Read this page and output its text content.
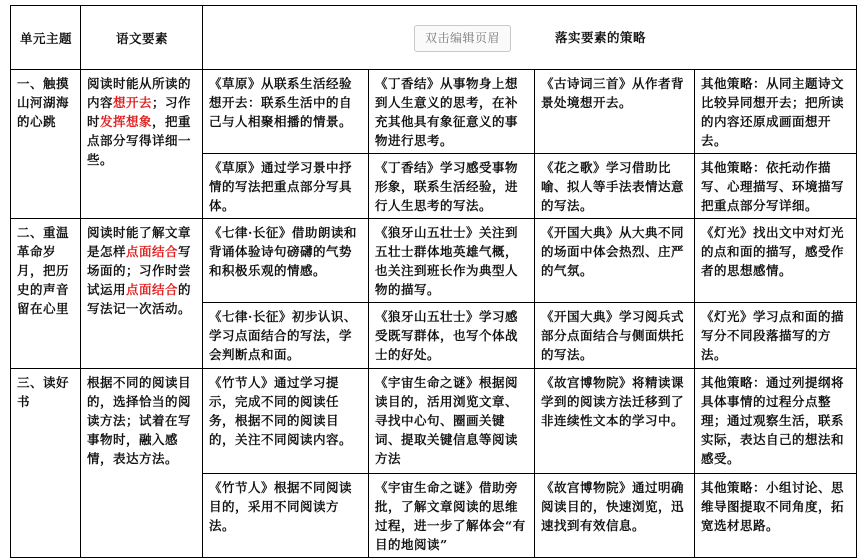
单元主题	语文要素	双击编辑页眉 落实要素的策略			
一、触摸山河湖海的心跳	阅读时能从所读的内容想开去；习作时发挥想象，把重点部分写得详细一些。	《草原》从联系生活经验想开去：联系生活中的自己与人相聚相播的情景。	《丁香结》从事物身上想到人生意义的思考，在补充其他具有象征意义的事物进行思考。	《古诗词三首》从作者背景处境想开去。	其他策略：从同主题诗文比较异同想开去；把所读的内容还原成画面想开去。
		《草原》通过学习景中抒情的写法把重点部分写具体。	《丁香结》学习感受事物形象，联系生活经验，进行人生思考的写法。	《花之歌》学习借助比喻、拟人等手法表情达意的写法。	其他策略：依托动作描写、心理描写、环境描写把重点部分写详细。
二、重温革命岁月，把历史的声音留在心里	阅读时能了解文章是怎样点面结合写场面的；习作时尝试运用点面结合的写法记一次活动。	《七律·长征》借助朗读和背诵体验诗句磅礴的气势和积极乐观的情感。	《狼牙山五壮士》关注到五壮士群体地英雄气概，也关注到班长作为典型人物的描写。	《开国大典》从大典不同的场面中体会热烈、庄严的气氛。	《灯光》找出文中对灯光的点和面的描写，感受作者的思想感情。
		《七律·长征》初步认识、学习点面结合的写法，学会判断点和面。	《狼牙山五壮士》学习感受既写群体，也写个体战士的好处。	《开国大典》学习阅兵式部分点面结合与侧面烘托的写法。	《灯光》学习点和面的描写分不同段落描写的方法。
三、读好书	根据不同的阅读目的，选择恰当的阅读方法；试着在写事物时，融入感情，表达方法。	《竹节人》通过学习提示，完成不同的阅读任务，根据不同的阅读目的，关注不同阅读内容。	《宇宙生命之谜》根据阅读目的，活用浏览文章、寻找中心句、圈画关键词、提取关键信息等阅读方法	《故宫博物院》将精读课学到的阅读方法迁移到了非连续性文本的学习中。	其他策略：通过列提纲将具体事情的过程分点整理；通过观察生活，联系实际，表达自己的想法和感受。
		《竹节人》根据不同阅读目的，采用不同阅读方法。	《宇宙生命之谜》借助旁批，了解文章阅读的思维过程，进一步了解体会“有目的地阅读”	《故宫博物院》通过明确阅读目的，快速浏览，迅速找到有效信息。	其他策略：小组讨论、思维导图提取不同角度，拓宽选材思路。
